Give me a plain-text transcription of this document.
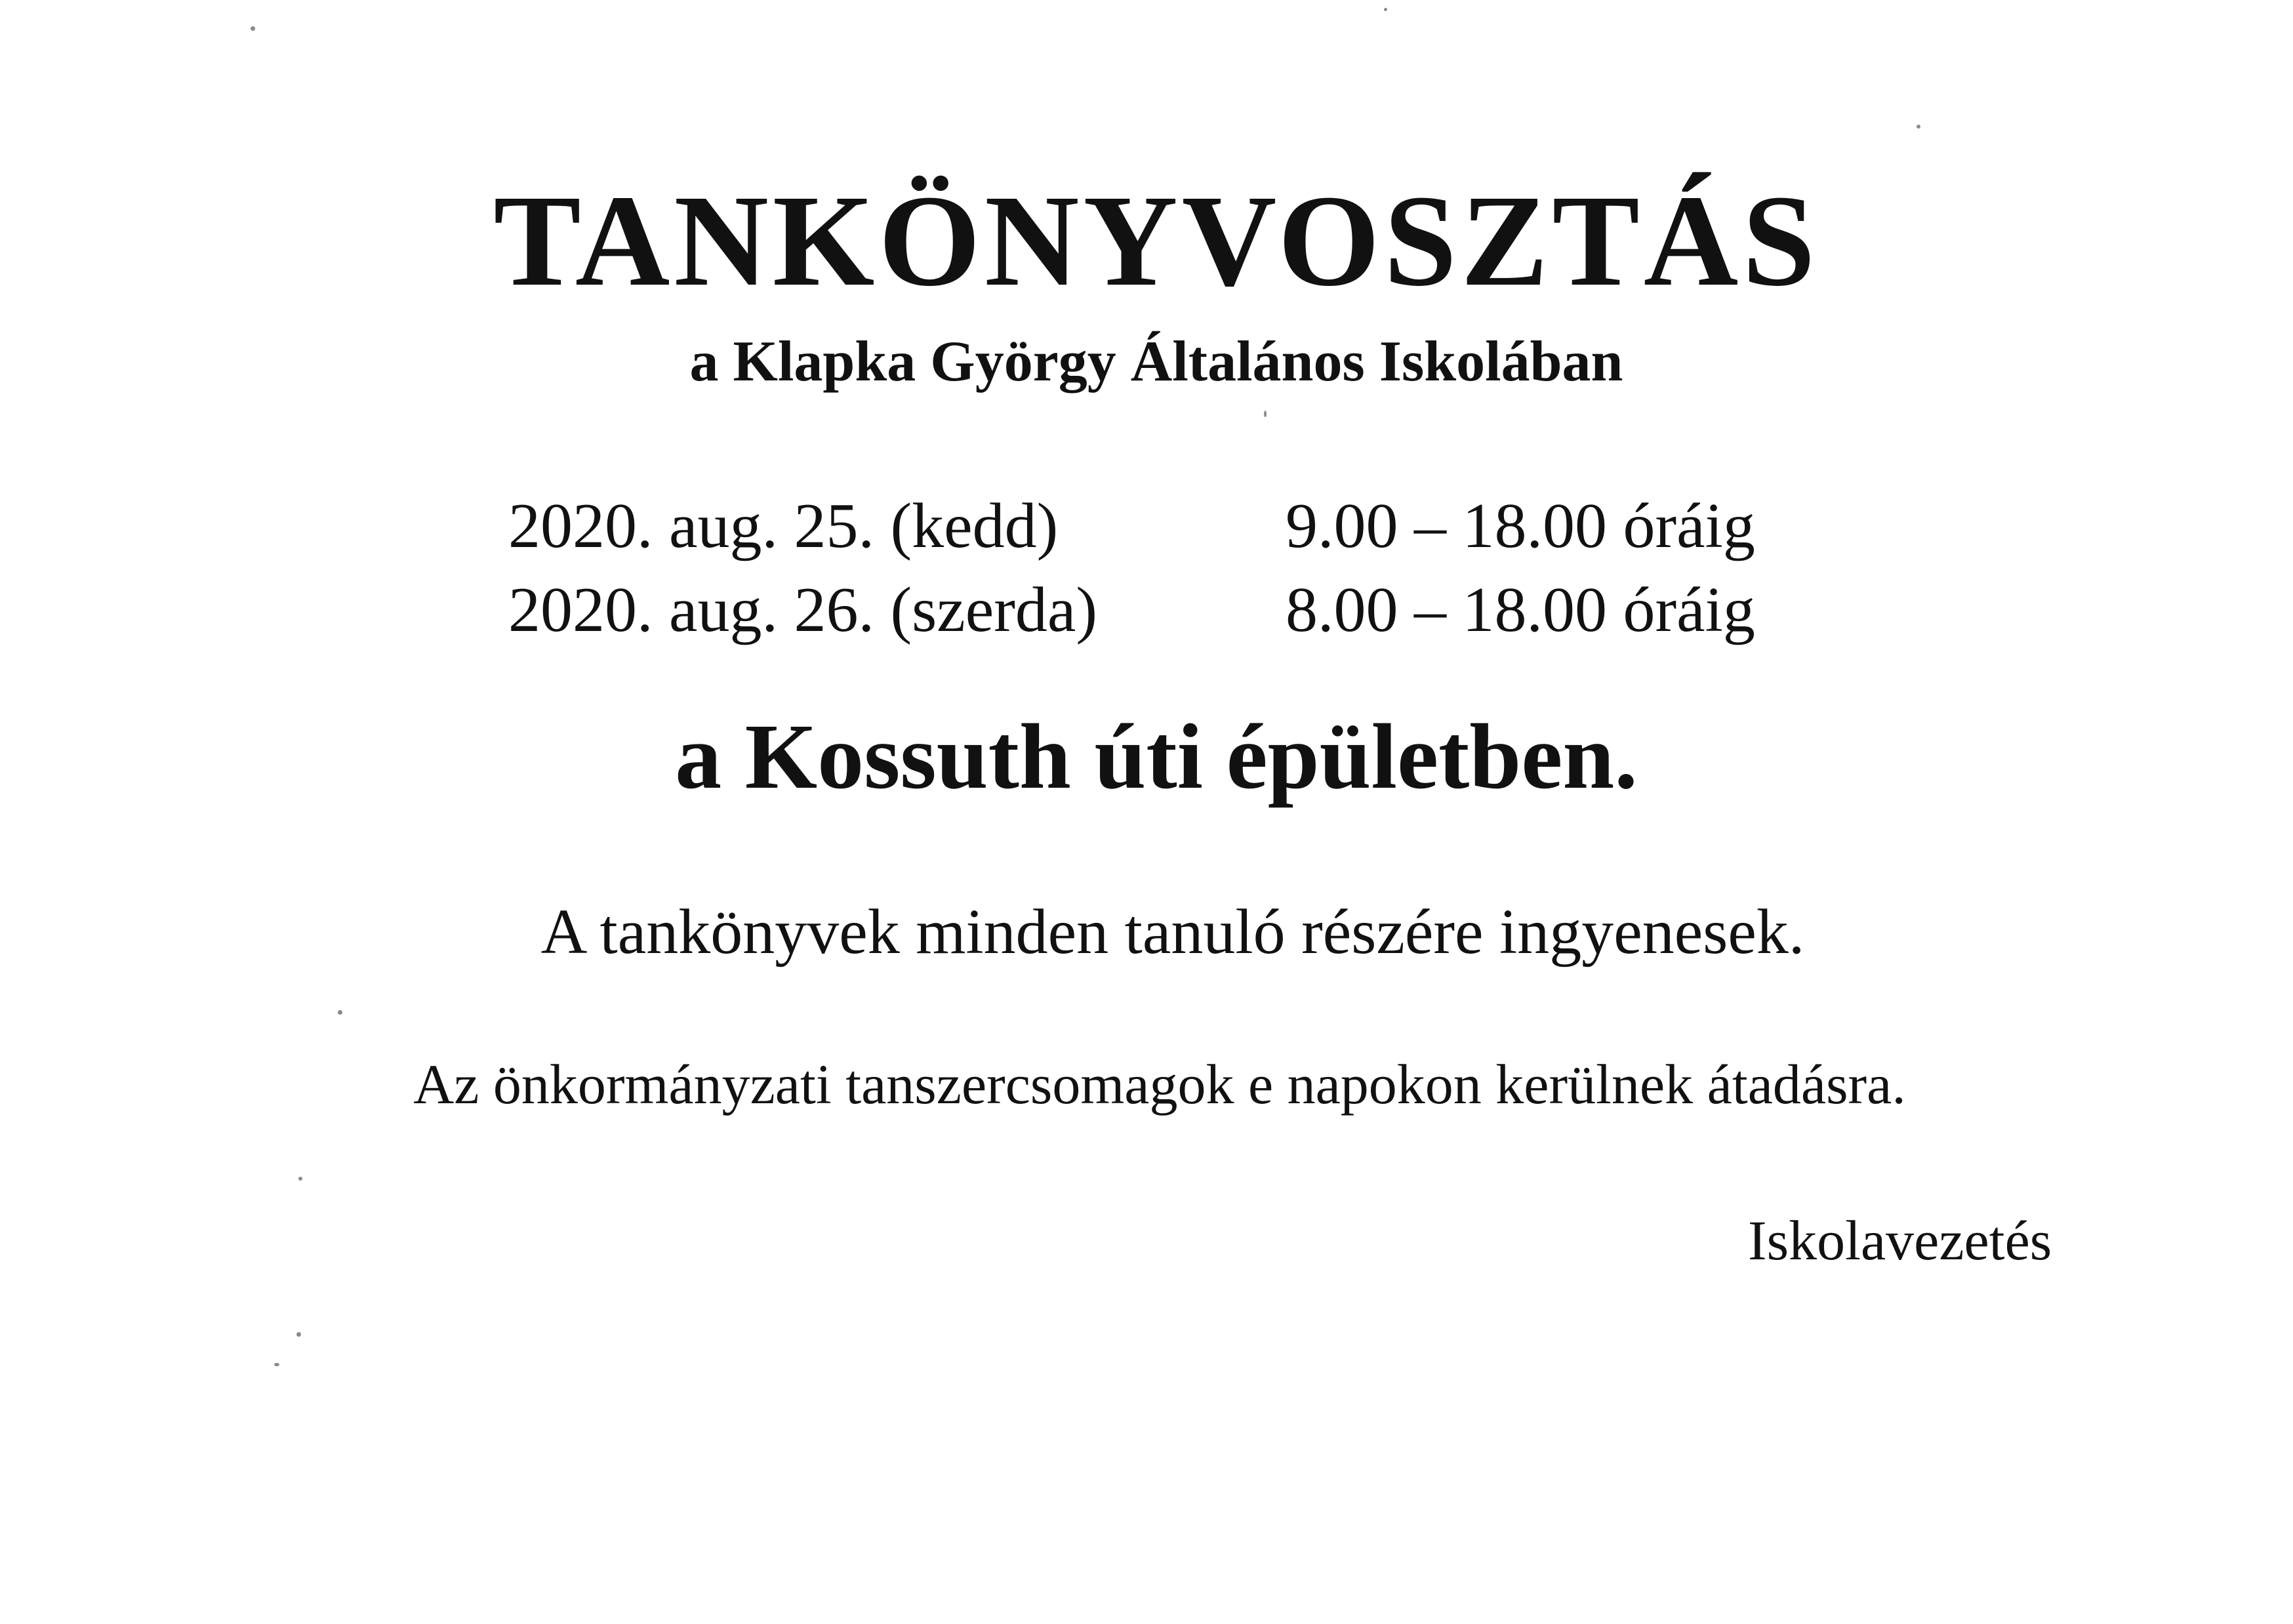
TANKÖNYVOSZTÁS
a Klapka György Általános Iskolában
2020. aug. 25. (kedd)	9.00 – 18.00 óráig
2020. aug. 26. (szerda)	8.00 – 18.00 óráig
a Kossuth úti épületben.
A tankönyvek minden tanuló részére ingyenesek.
Az önkormányzati tanszercsomagok e napokon kerülnek átadásra.
Iskolavezetés
